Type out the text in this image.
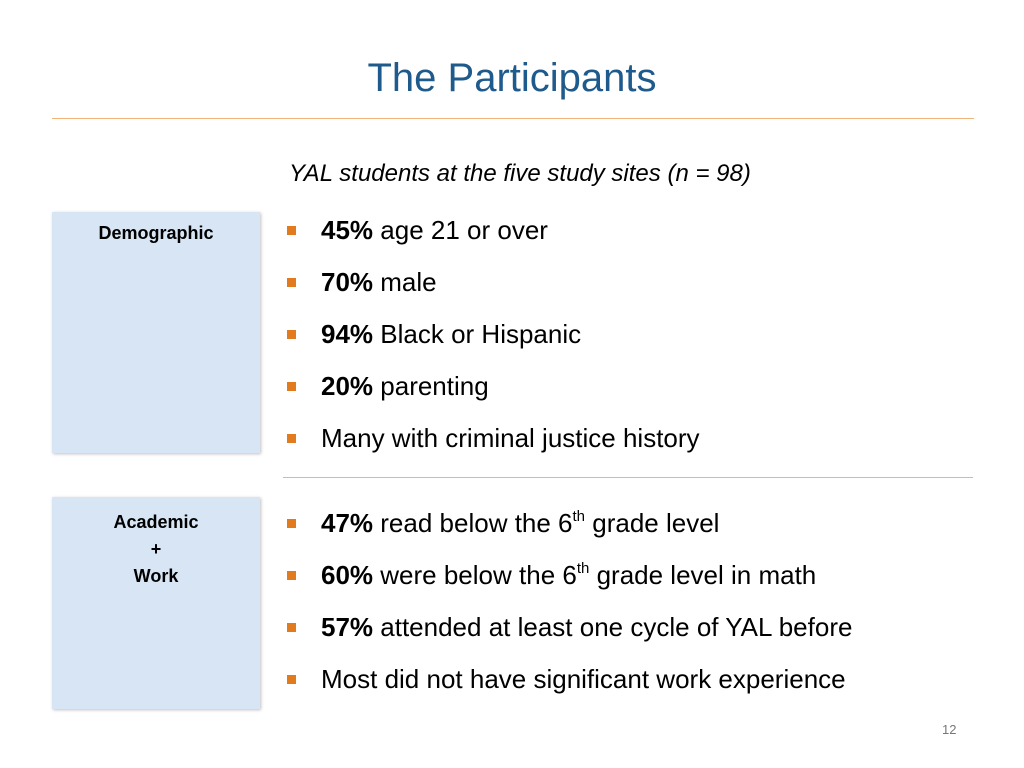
The Participants
YAL students at the five study sites (n = 98)
Demographic	45% age 21 or over
70% male
94% Black or Hispanic
20% parenting
Many with criminal justice history
Academic
+
Work
47% read below the 6th grade level
60% were below the 6th grade level in math
57% attended at least one cycle of YAL before
Most did not have significant work experience
12
